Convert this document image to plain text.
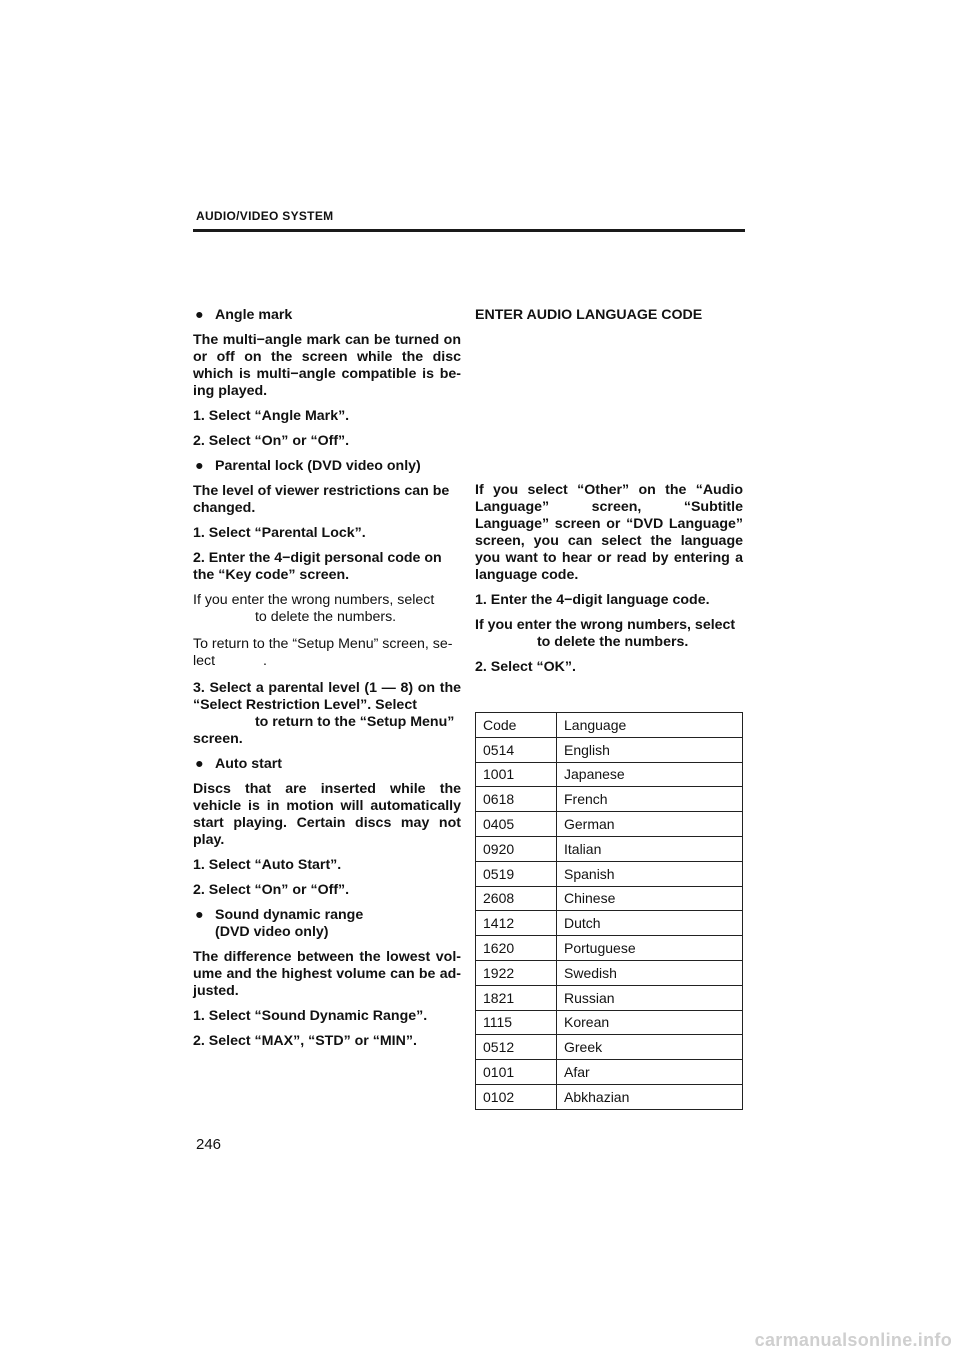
AUDIO/VIDEO SYSTEM
● Angle mark

The multi−angle mark can be turned on or off on the screen while the disc which is multi−angle compatible is be- ing played.

1. Select “Angle Mark”.

2. Select “On” or “Off”.

● Parental lock (DVD video only)

The level of viewer restrictions can be changed.

1. Select “Parental Lock”.

2. Enter the 4−digit personal code on the “Key code” screen.

If you enter the wrong numbers, select
to delete the numbers.

To return to the “Setup Menu” screen, se-
lect	.

3. Select a parental level (1 — 8) on the “Select Restriction Level”. Select
to return to the “Setup Menu”
screen.

● Auto start

Discs that are inserted while the vehicle is in motion will automatically start playing. Certain discs may not play.

1. Select “Auto Start”.

2. Select “On” or “Off”.

● Sound dynamic range
(DVD video only)

The difference between the lowest vol- ume and the highest volume can be ad- justed.

1. Select “Sound Dynamic Range”.

2. Select “MAX”, “STD” or “MIN”.

ENTER AUDIO LANGUAGE CODE

If you select “Other” on the “Audio Language” screen, “Subtitle Language” screen or “DVD Language” screen, you can select the language you want to hear or read by entering a language code.

1. Enter the 4−digit language code.

If you enter the wrong numbers, select
to delete the numbers.

2. Select “OK”.

Code	Language
0514	English
1001	Japanese
0618	French
0405	German
0920	Italian
0519	Spanish
2608	Chinese
1412	Dutch
1620	Portuguese
1922	Swedish
1821	Russian
1115	Korean
0512	Greek
0101	Afar
0102	Abkhazian
246
carmanualsonline.info
